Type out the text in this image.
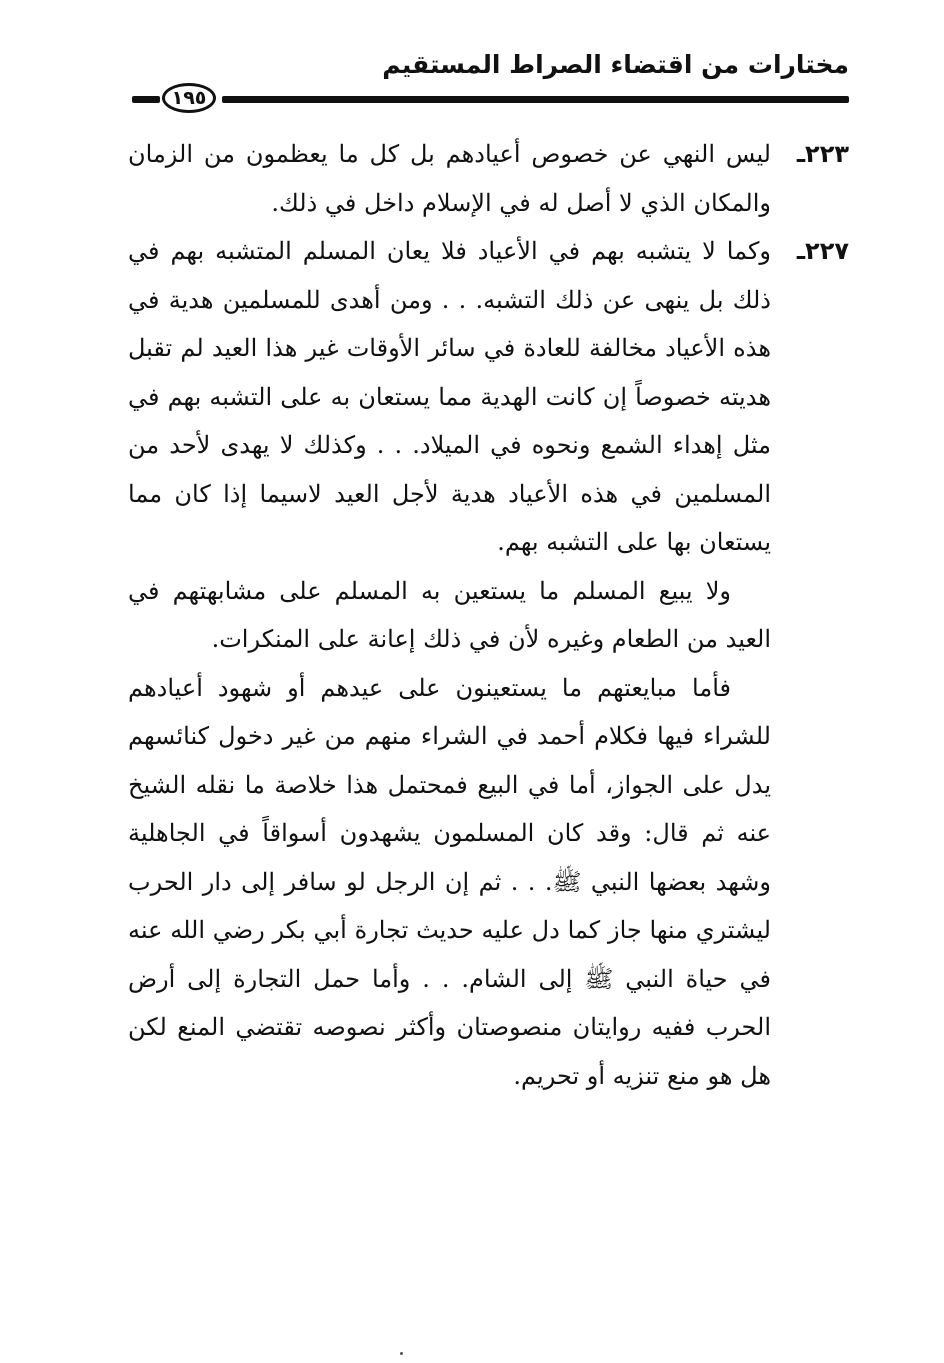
مختارات من اقتضاء الصراط المستقيم
١٩٥
٢٢٣ـ
ليس النهي عن خصوص أعيادهم بل كل ما يعظمون من الزمان والمكان الذي لا أصل له في الإسلام داخل في ذلك.
٢٢٧ـ
وكما لا يتشبه بهم في الأعياد فلا يعان المسلم المتشبه بهم في ذلك بل ينهى عن ذلك التشبه. . . ومن أهدى للمسلمين هدية في هذه الأعياد مخالفة للعادة في سائر الأوقات غير هذا العيد لم تقبل هديته خصوصاً إن كانت الهدية مما يستعان به على التشبه بهم في مثل إهداء الشمع ونحوه في الميلاد. . . وكذلك لا يهدى لأحد من المسلمين في هذه الأعياد هدية لأجل العيد لاسيما إذا كان مما يستعان بها على التشبه بهم.

ولا يبيع المسلم ما يستعين به المسلم على مشابهتهم في العيد من الطعام وغيره لأن في ذلك إعانة على المنكرات.

فأما مبايعتهم ما يستعينون على عيدهم أو شهود أعيادهم للشراء فيها فكلام أحمد في الشراء منهم من غير دخول كنائسهم يدل على الجواز، أما في البيع فمحتمل هذا خلاصة ما نقله الشيخ عنه ثم قال: وقد كان المسلمون يشهدون أسواقاً في الجاهلية وشهد بعضها النبي ﷺ. . . ثم إن الرجل لو سافر إلى دار الحرب ليشتري منها جاز كما دل عليه حديث تجارة أبي بكر رضي الله عنه في حياة النبي ﷺ إلى الشام. . . وأما حمل التجارة إلى أرض الحرب ففيه روايتان منصوصتان وأكثر نصوصه تقتضي المنع لكن هل هو منع تنزيه أو تحريم.
